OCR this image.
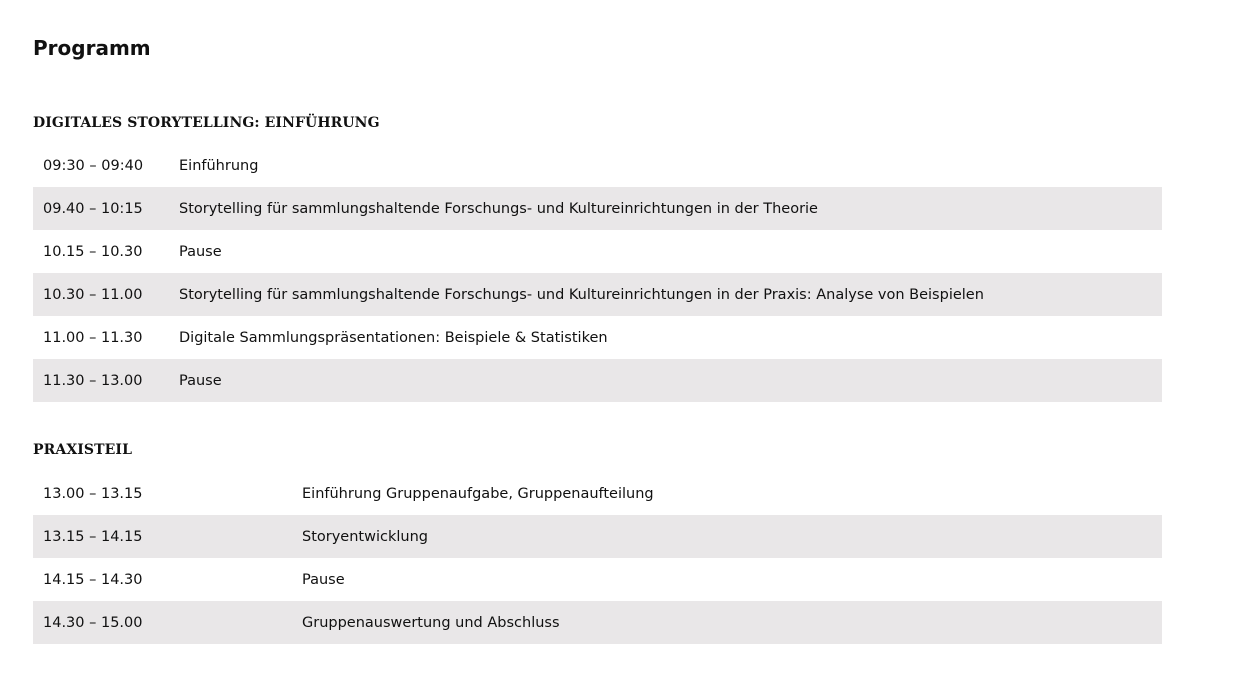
Programm
DIGITALES STORYTELLING: EINFÜHRUNG
09:30 – 09:40	Einführung
09.40 – 10:15	Storytelling für sammlungshaltende Forschungs- und Kultureinrichtungen in der Theorie
10.15 – 10.30	Pause
10.30 – 11.00	Storytelling für sammlungshaltende Forschungs- und Kultureinrichtungen in der Praxis: Analyse von Beispielen
11.00 – 11.30	Digitale Sammlungspräsentationen: Beispiele & Statistiken
11.30 – 13.00	Pause
PRAXISTEIL
13.00 – 13.15	Einführung Gruppenaufgabe, Gruppenaufteilung
13.15 – 14.15	Storyentwicklung
14.15 – 14.30	Pause
14.30 – 15.00	Gruppenauswertung und Abschluss
